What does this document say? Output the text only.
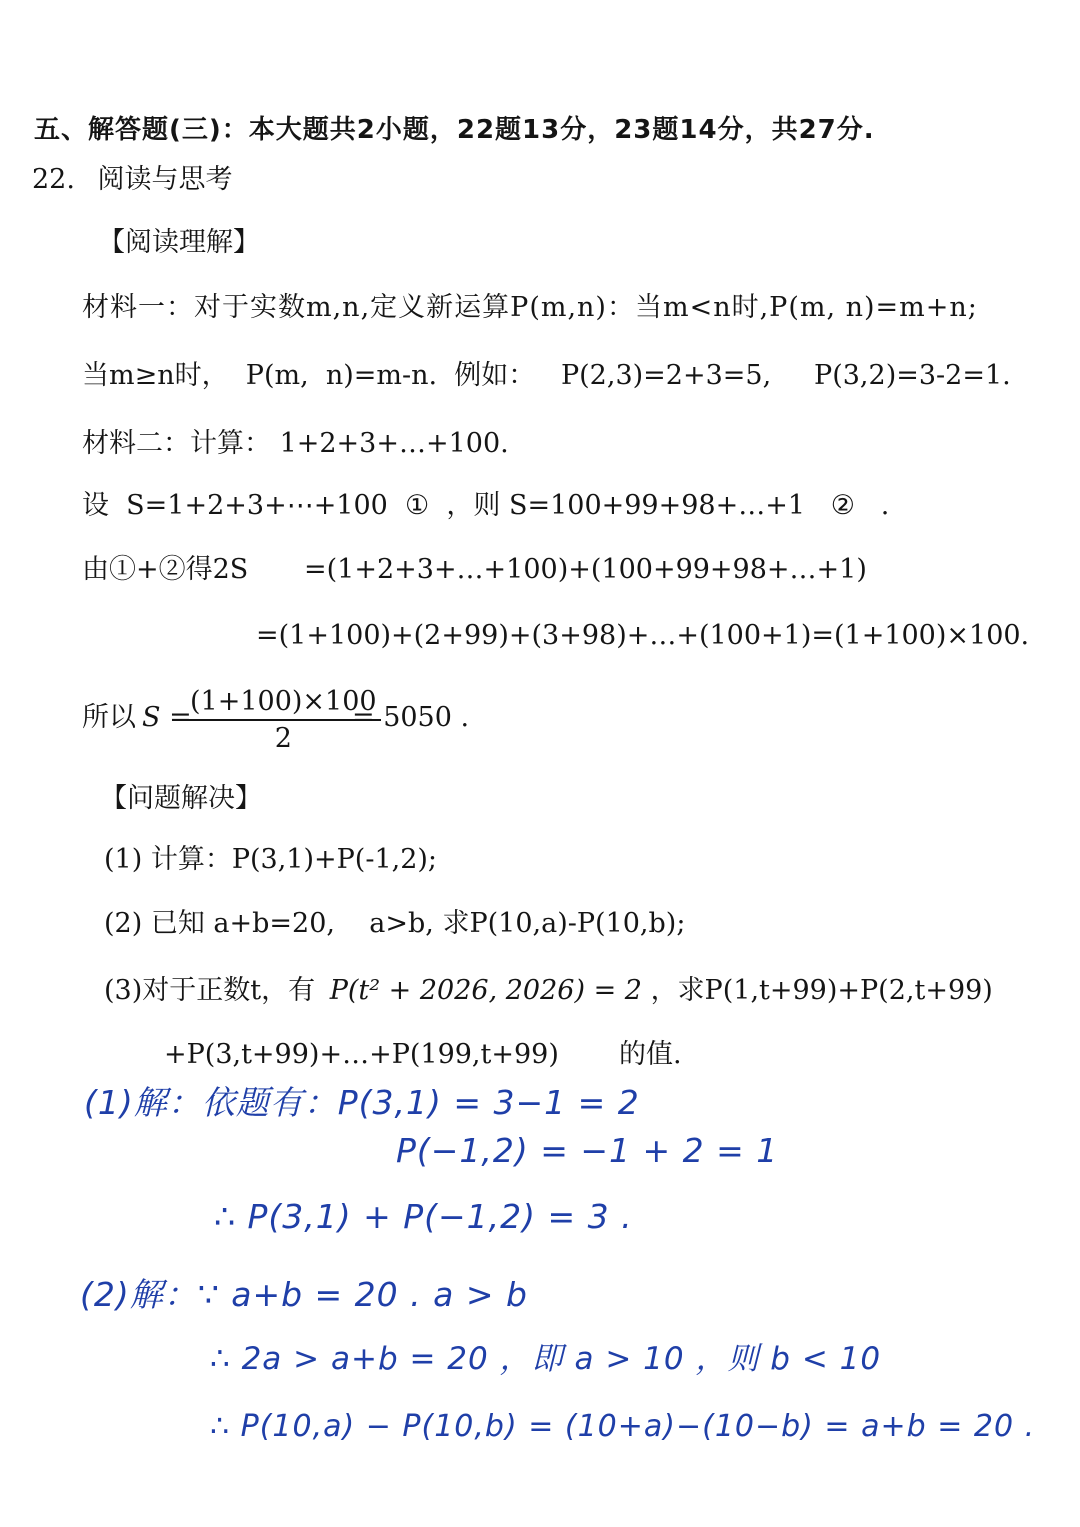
五、解答题(三)：本大题共2小题，22题13分，23题14分，共27分.
22. 阅读与思考
【阅读理解】
材料一：对于实数m,n,定义新运算P(m,n)：当m<n时,P(m, n)=m+n;
当m≥n时，  P(m,  n)=m-n.  例如：   P(2,3)=2+3=5,     P(3,2)=3-2=1.
材料二：计算： 1+2+3+…+100.
设  S=1+2+3+⋯+100  ①  ，则 S=100+99+98+…+1   ②   .
由①+②得2S =(1+2+3+…+100)+(100+99+98+…+1)
=(1+100)+(2+99)+(3+98)+…+(100+1)=(1+100)×100.
所以 S =
(1+100)×100
2
= 5050 .
【问题解决】
(1) 计算：P(3,1)+P(-1,2);
(2) 已知 a+b=20,    a>b, 求P(10,a)-P(10,b);
(3)对于正数t，有 P(t² + 2026, 2026) = 2 ，求P(1,t+99)+P(2,t+99)
+P(3,t+99)+…+P(199,t+99)       的值.
(1)解：依题有：P(3,1) = 3−1 = 2
P(−1,2) = −1 + 2 = 1
∴ P(3,1) + P(−1,2) = 3 .
(2)解：∵ a+b = 20 . a > b
∴ 2a > a+b = 20 ，即 a > 10 ，则 b < 10
∴ P(10,a) − P(10,b) = (10+a)−(10−b) = a+b = 20 .
